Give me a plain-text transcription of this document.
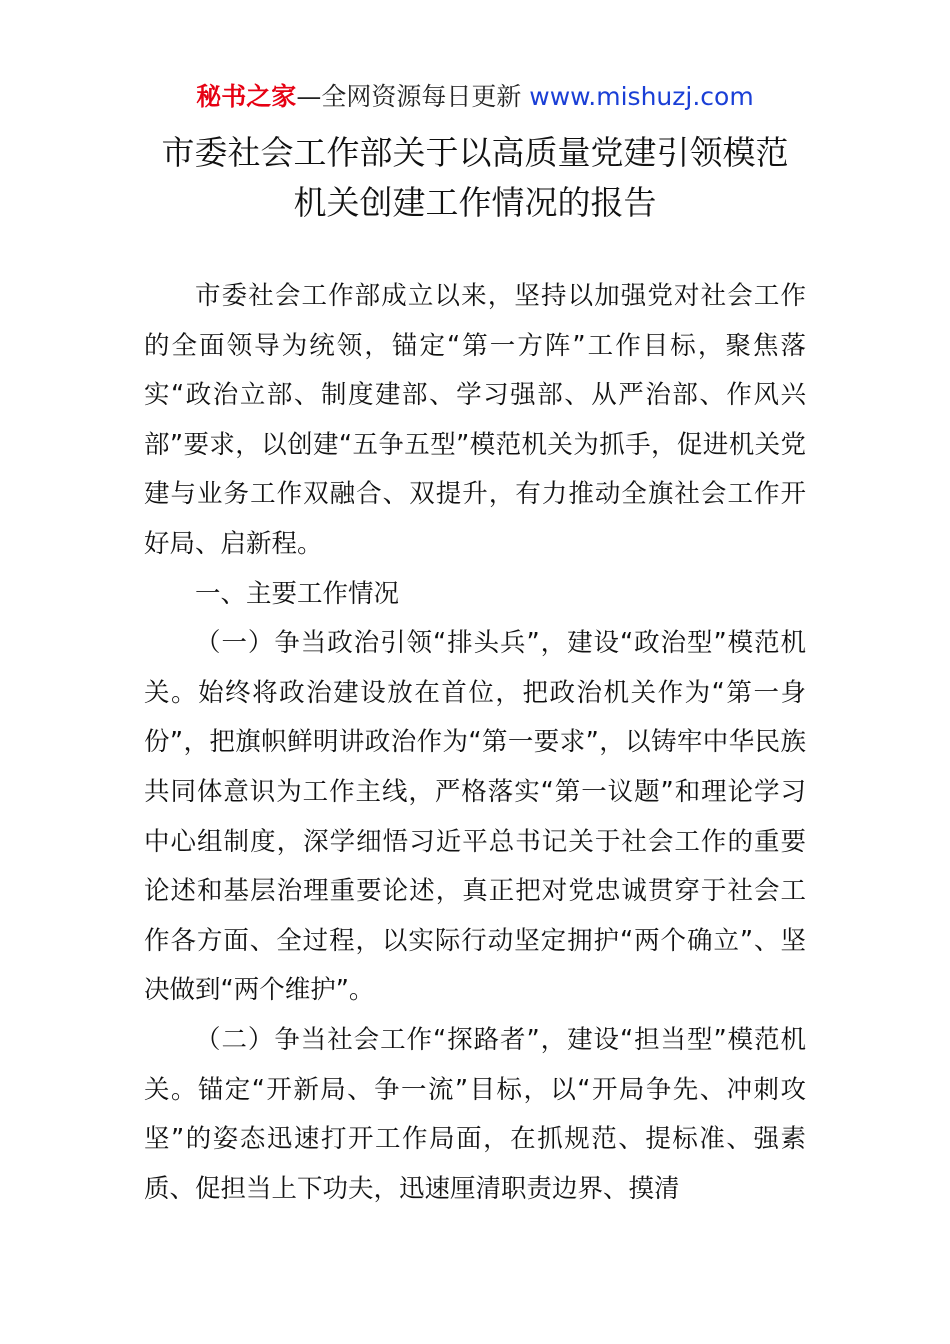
秘书之家—全网资源每日更新 www.mishuzj.com
市委社会工作部关于以高质量党建引领模范
机关创建工作情况的报告

市委社会工作部成立以来，坚持以加强党对社会工作的全面领导为统领，锚定“第一方阵”工作目标，聚焦落实“政治立部、制度建部、学习强部、从严治部、作风兴部”要求，以创建“五争五型”模范机关为抓手，促进机关党建与业务工作双融合、双提升，有力推动全旗社会工作开好局、启新程。

一、主要工作情况

（一）争当政治引领“排头兵”，建设“政治型”模范机关。始终将政治建设放在首位，把政治机关作为“第一身份”，把旗帜鲜明讲政治作为“第一要求”，以铸牢中华民族共同体意识为工作主线，严格落实“第一议题”和理论学习中心组制度，深学细悟习近平总书记关于社会工作的重要论述和基层治理重要论述，真正把对党忠诚贯穿于社会工作各方面、全过程，以实际行动坚定拥护“两个确立”、坚决做到“两个维护”。

（二）争当社会工作“探路者”，建设“担当型”模范机关。锚定“开新局、争一流”目标，以“开局争先、冲刺攻坚”的姿态迅速打开工作局面，在抓规范、提标准、强素质、促担当上下功夫，迅速厘清职责边界、摸清
